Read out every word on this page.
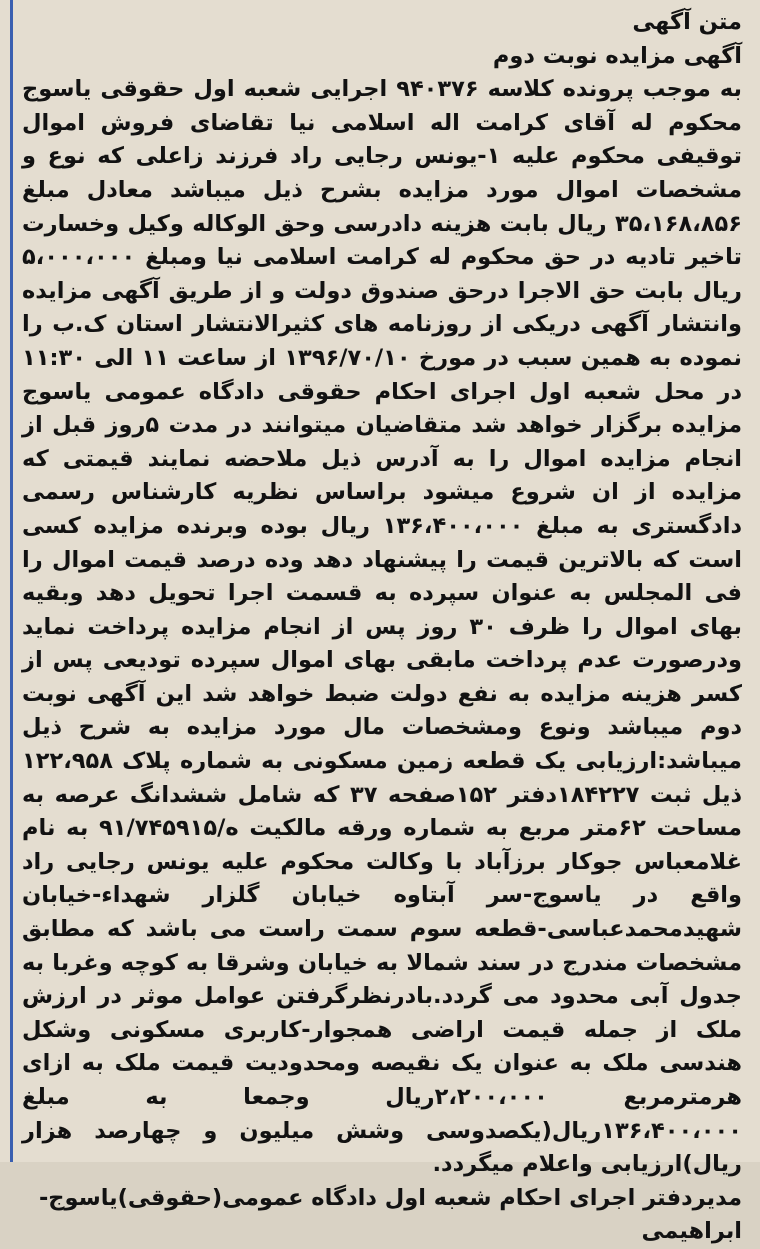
متن آگهی
آگهی مزایده نوبت دوم
به موجب پرونده کلاسه ۹۴۰۳۷۶ اجرایی شعبه اول حقوقی یاسوج محکوم له آقای کرامت اله اسلامی نیا تقاضای فروش اموال توقیفی محکوم علیه ۱-یونس رجایی راد فرزند زاعلی که نوع و مشخصات اموال مورد مزایده بشرح ذیل میباشد معادل مبلغ ۳۵،۱۶۸،۸۵۶ ریال بابت هزینه دادرسی وحق الوکاله وکیل وخسارت تاخیر تادیه در حق محکوم له کرامت اسلامی نیا ومبلغ ۵،۰۰۰،۰۰۰ ریال بابت حق الاجرا درحق صندوق دولت و از طریق آگهی مزایده وانتشار آگهی دریکی از روزنامه های کثیرالانتشار استان ک.ب را نموده به همین سبب در مورخ ۱۳۹۶/۷۰/۱۰ از ساعت ۱۱ الی ۱۱:۳۰ در محل شعبه اول اجرای احکام حقوقی دادگاه عمومی یاسوج مزایده برگزار خواهد شد متقاضیان میتوانند در مدت ۵روز قبل از انجام مزایده اموال را به آدرس ذیل ملاحضه نمایند قیمتی که مزایده از ان شروع میشود براساس نظریه کارشناس رسمی دادگستری به مبلغ ۱۳۶،۴۰۰،۰۰۰ ریال بوده وبرنده مزایده کسی است که بالاترین قیمت را پیشنهاد دهد وده درصد قیمت اموال را فی المجلس به عنوان سپرده به قسمت اجرا تحویل دهد وبقیه بهای اموال را ظرف ۳۰ روز پس از انجام مزایده پرداخت نماید ودرصورت عدم پرداخت مابقی بهای اموال سپرده تودیعی پس از کسر هزینه مزایده به نفع دولت ضبط خواهد شد این آگهی نوبت دوم میباشد ونوع ومشخصات مال مورد مزایده به شرح ذیل میباشد:ارزیابی یک قطعه زمین مسکونی به شماره پلاک ۱۲۲،۹۵۸ ذیل ثبت ۱۸۴۲۲۷دفتر ۱۵۲صفحه ۳۷ که شامل ششدانگ عرصه به مساحت ۶۲متر مربع به شماره ورقه مالکیت ه/۹۱/۷۴۵۹۱۵ به نام غلامعباس جوکار برزآباد با وکالت محکوم علیه یونس رجایی راد واقع در یاسوج-سر آبتاوه خیابان گلزار شهداء-خیابان شهیدمحمدعباسی-قطعه سوم سمت راست می باشد که مطابق مشخصات مندرج در سند شمالا به خیابان وشرقا به کوچه وغربا به جدول آبی محدود می گردد.بادرنظرگرفتن عوامل موثر در ارزش ملک از جمله قیمت اراضی همجوار-کاربری مسکونی وشکل هندسی ملک به عنوان یک نقیصه ومحدودیت قیمت ملک به ازای هرمترمربع ۲،۲۰۰،۰۰۰ریال وجمعا به مبلغ ۱۳۶،۴۰۰،۰۰۰ریال(یکصدوسی وشش میلیون و چهارصد هزار ریال)ارزیابی واعلام میگردد.
مدیردفتر اجرای احکام شعبه اول دادگاه عمومی(حقوقی)یاسوج-
ابراهیمی
